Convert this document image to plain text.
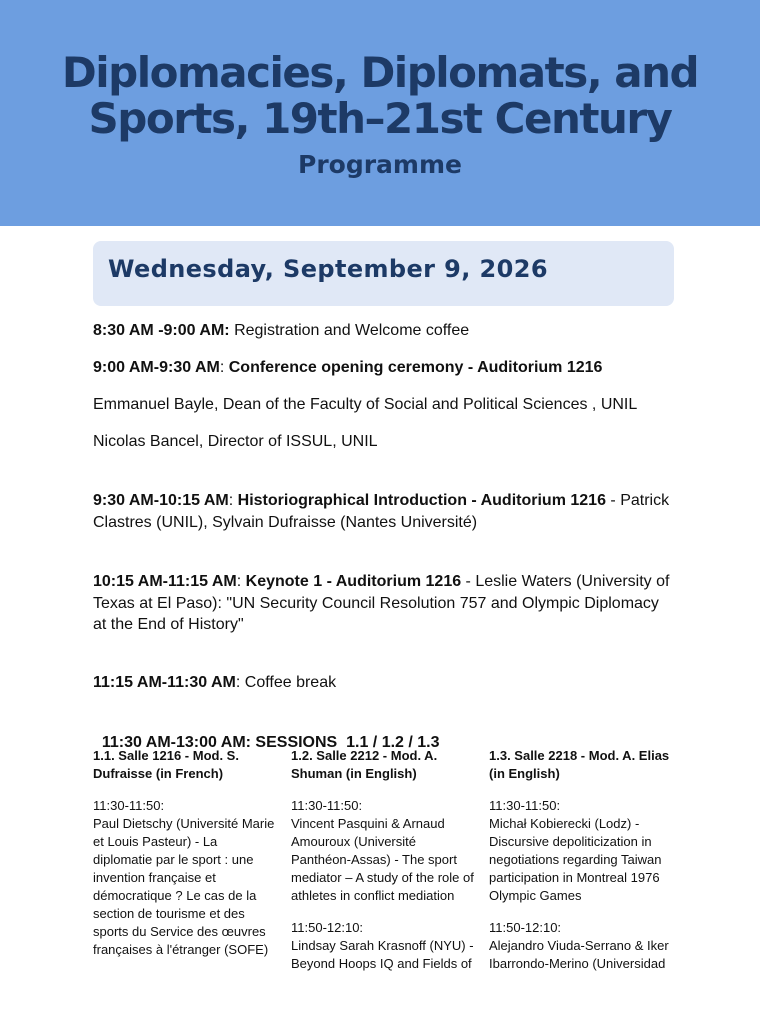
Diplomacies, Diplomats, and
Sports, 19th–21st Century
Programme
Wednesday, September 9, 2026
8:30 AM -9:00 AM: Registration and Welcome coffee
9:00 AM-9:30 AM: Conference opening ceremony - Auditorium 1216
Emmanuel Bayle, Dean of the Faculty of Social and Political Sciences , UNIL
Nicolas Bancel, Director of ISSUL, UNIL
9:30 AM-10:15 AM: Historiographical Introduction - Auditorium 1216 - Patrick Clastres (UNIL), Sylvain Dufraisse (Nantes Université)
10:15 AM-11:15 AM: Keynote 1 - Auditorium 1216 - Leslie Waters (University of Texas at El Paso): "UN Security Council Resolution 757 and Olympic Diplomacy at the End of History"
11:15 AM-11:30 AM: Coffee break

11:30 AM-13:00 AM: SESSIONS  1.1 / 1.2 / 1.3

1.1. Salle 1216 - Mod. S. Dufraisse (in French)
11:30-11:50:
Paul Dietschy (Université Marie et Louis Pasteur) - La diplomatie par le sport : une invention française et démocratique ? Le cas de la section de tourisme et des sports du Service des œuvres françaises à l'étranger (SOFE)
1.2. Salle 2212 - Mod. A. Shuman (in English)
11:30-11:50:
Vincent Pasquini & Arnaud Amouroux (Université Panthéon-Assas) - The sport mediator – A study of the role of athletes in conflict mediation
11:50-12:10:
Lindsay Sarah Krasnoff (NYU) - Beyond Hoops IQ and Fields of
1.3. Salle 2218 - Mod. A. Elias (in English)
11:30-11:50:
Michał Kobierecki (Lodz) - Discursive depoliticization in negotiations regarding Taiwan participation in Montreal 1976 Olympic Games
11:50-12:10:
Alejandro Viuda-Serrano & Iker Ibarrondo-Merino (Universidad
